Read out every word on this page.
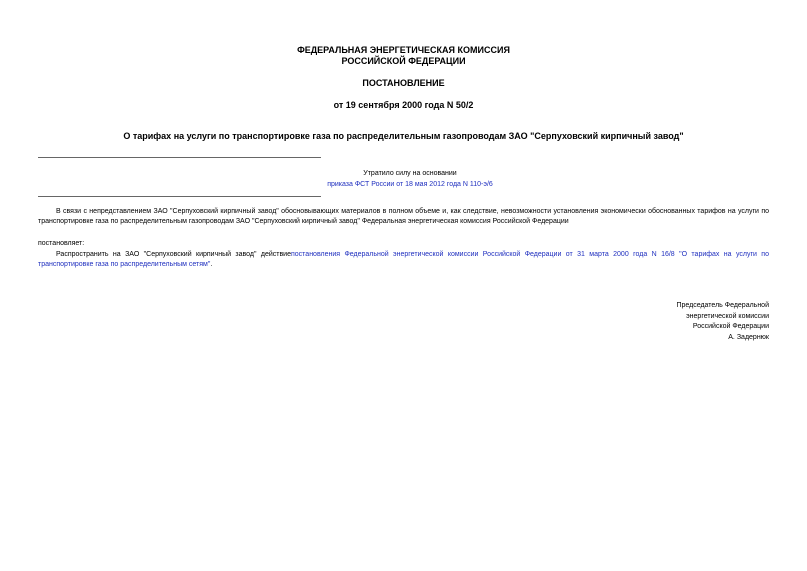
ФЕДЕРАЛЬНАЯ ЭНЕРГЕТИЧЕСКАЯ КОМИССИЯ
РОССИЙСКОЙ ФЕДЕРАЦИИ
ПОСТАНОВЛЕНИЕ
от 19 сентября 2000 года N 50/2
О тарифах на услуги по транспортировке газа по распределительным газопроводам ЗАО "Серпуховский кирпичный завод"
Утратило силу на основании
приказа ФСТ России от 18 мая 2012 года N 110-э/6
В связи с непредставлением ЗАО "Серпуховский кирпичный завод" обосновывающих материалов в полном объеме и, как следствие, невозможности установления экономически обоснованных тарифов на услуги по транспортировке газа по распределительным газопроводам ЗАО "Серпуховский кирпичный завод" Федеральная энергетическая комиссия Российской Федерации
постановляет:
Распространить на ЗАО "Серпуховский кирпичный завод" действиепостановления Федеральной энергетической комиссии Российской Федерации от 31 марта 2000 года N 16/8 "О тарифах на услуги по транспортировке газа по распределительным сетям".
Председатель Федеральной
энергетической комиссии
Российской Федерации
А. Задернюк
